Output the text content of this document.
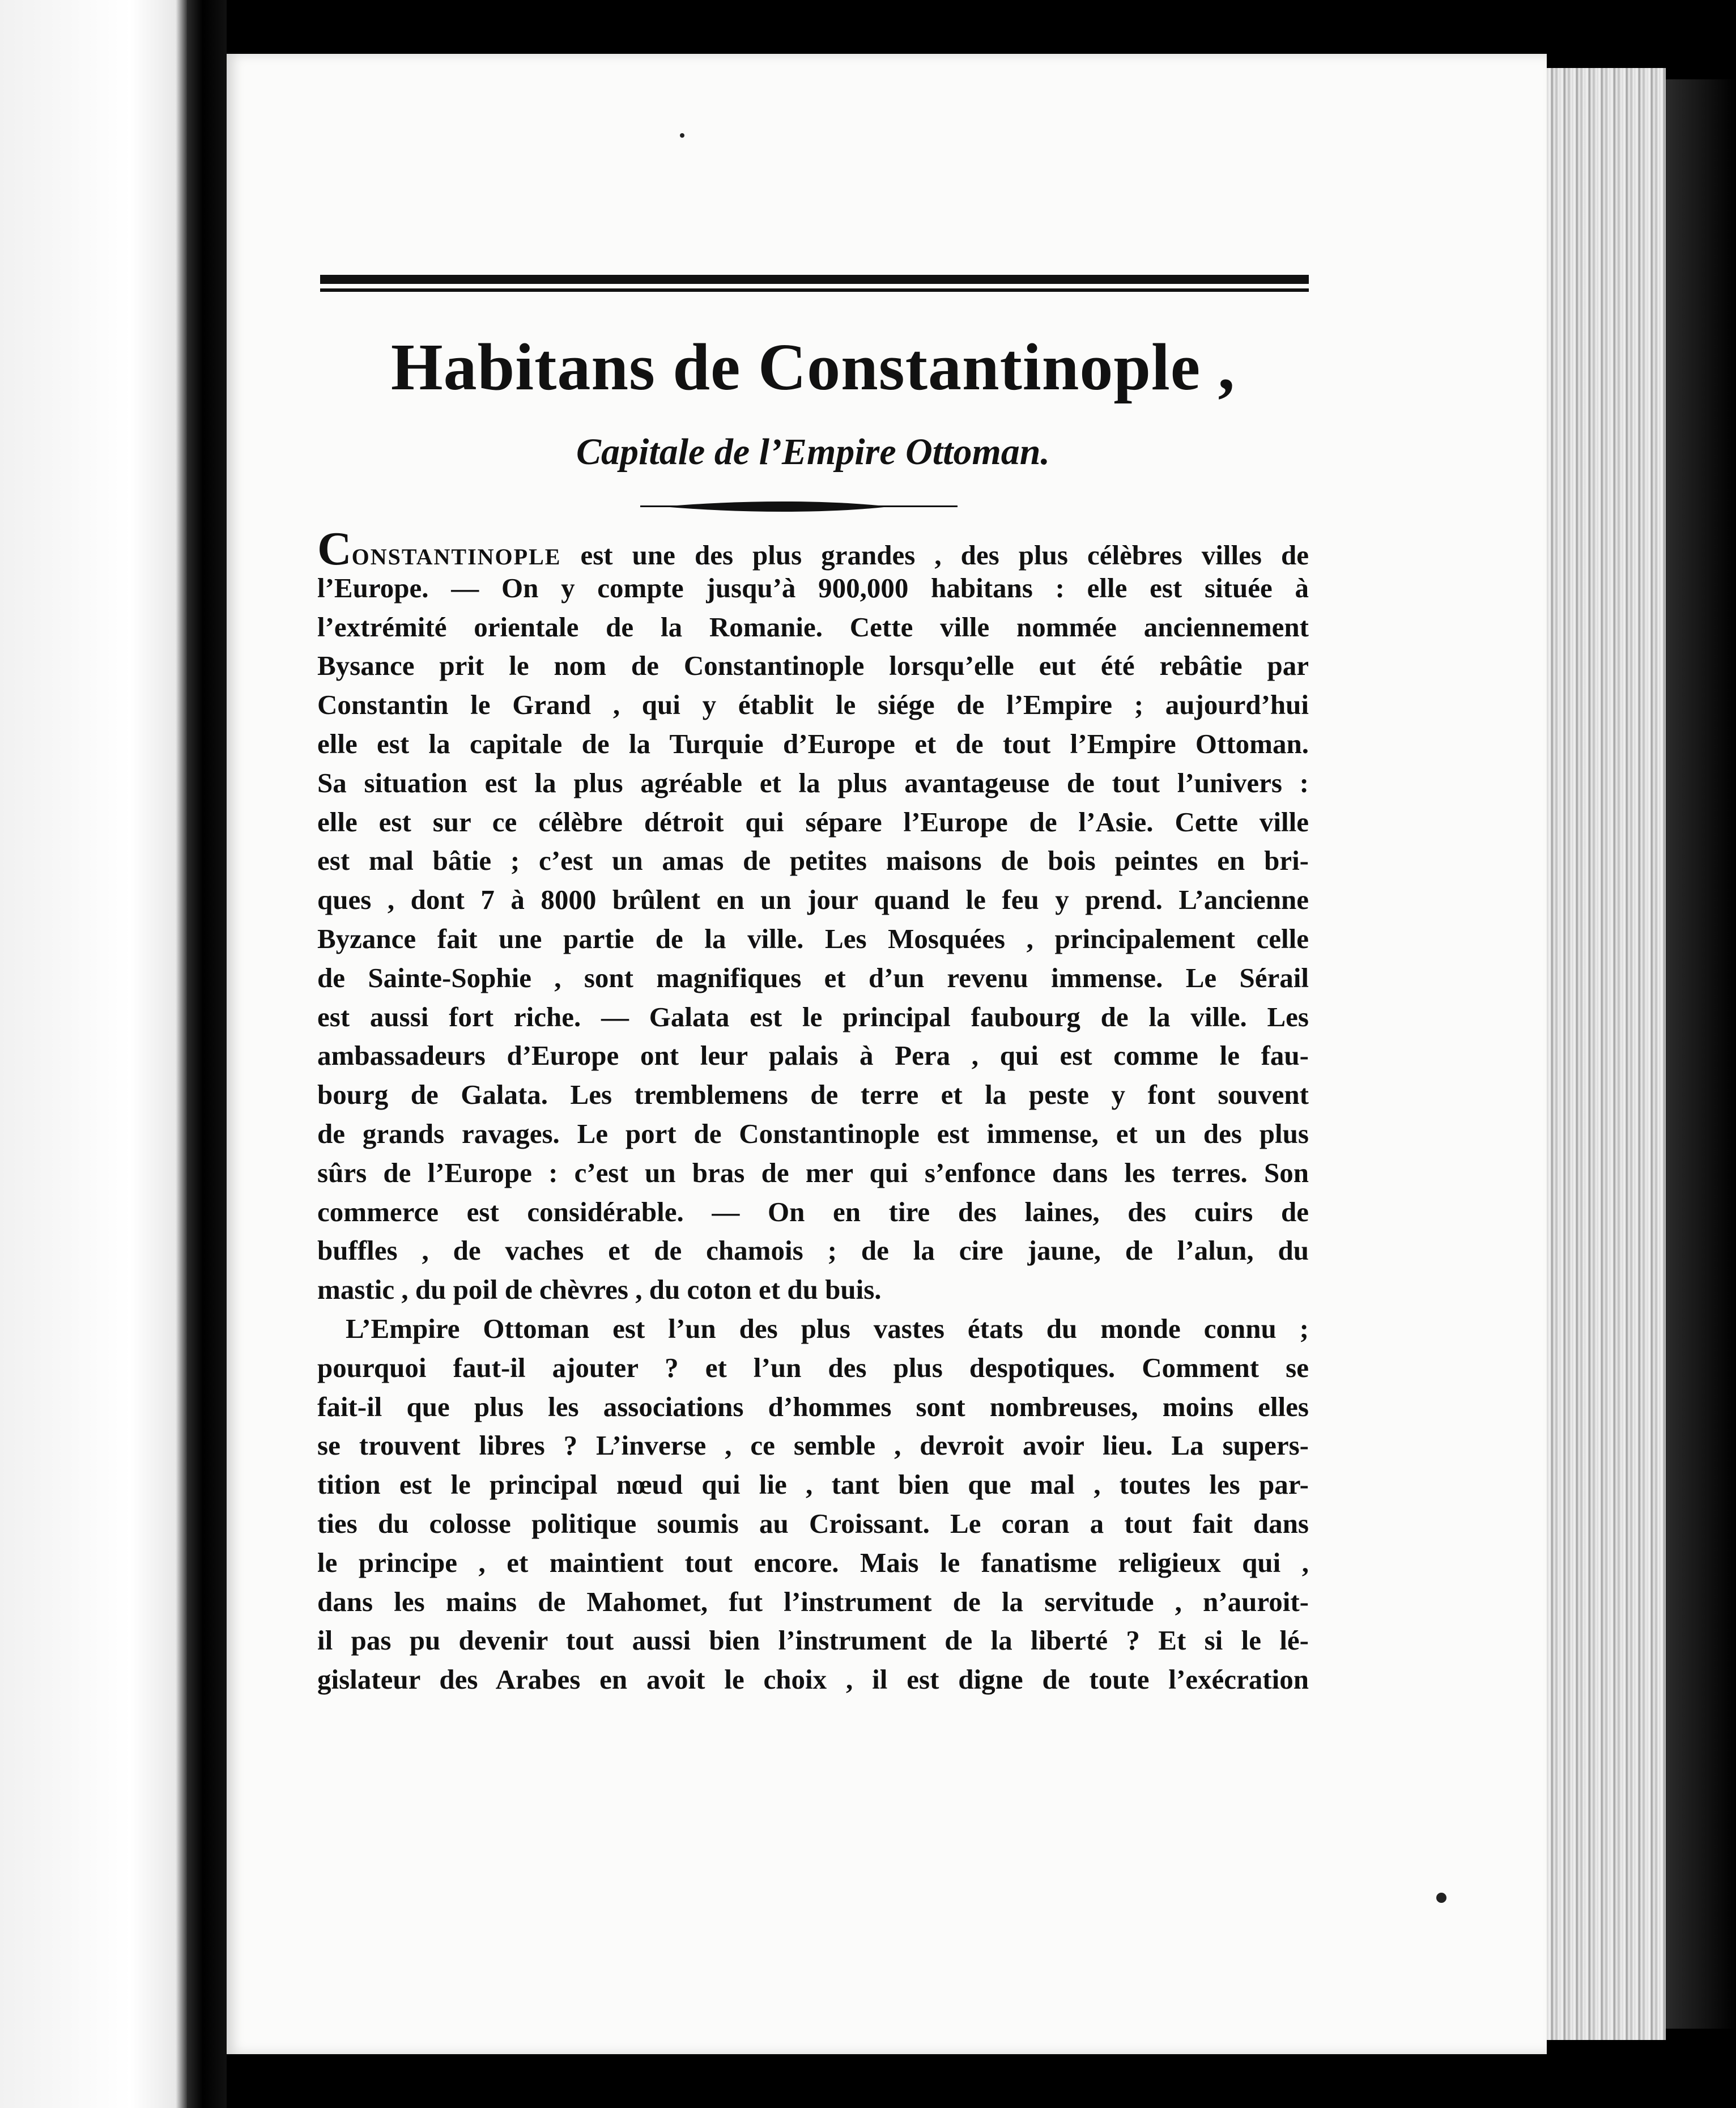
Habitans de Constantinople ,
Capitale de l’Empire Ottoman.
CONSTANTINOPLE est une des plus grandes , des plus célèbres villes de
l’Europe. — On y compte jusqu’à 900,000 habitans : elle est située à
l’extrémité orientale de la Romanie. Cette ville nommée anciennement
Bysance prit le nom de Constantinople lorsqu’elle eut été rebâtie par
Constantin le Grand , qui y établit le siége de l’Empire ; aujourd’hui
elle est la capitale de la Turquie d’Europe et de tout l’Empire Ottoman.
Sa situation est la plus agréable et la plus avantageuse de tout l’univers :
elle est sur ce célèbre détroit qui sépare l’Europe de l’Asie. Cette ville
est mal bâtie ; c’est un amas de petites maisons de bois peintes en bri-
ques , dont 7 à 8000 brûlent en un jour quand le feu y prend. L’ancienne
Byzance fait une partie de la ville. Les Mosquées , principalement celle
de Sainte-Sophie , sont magnifiques et d’un revenu immense. Le Sérail
est aussi fort riche. — Galata est le principal faubourg de la ville. Les
ambassadeurs d’Europe ont leur palais à Pera , qui est comme le fau-
bourg de Galata. Les tremblemens de terre et la peste y font souvent
de grands ravages. Le port de Constantinople est immense, et un des plus
sûrs de l’Europe : c’est un bras de mer qui s’enfonce dans les terres. Son
commerce est considérable. — On en tire des laines, des cuirs de
buffles , de vaches et de chamois ; de la cire jaune, de l’alun, du
mastic , du poil de chèvres , du coton et du buis.
L’Empire Ottoman est l’un des plus vastes états du monde connu ;
pourquoi faut-il ajouter ? et l’un des plus despotiques. Comment se
fait-il que plus les associations d’hommes sont nombreuses, moins elles
se trouvent libres ? L’inverse , ce semble , devroit avoir lieu. La supers-
tition est le principal nœud qui lie , tant bien que mal , toutes les par-
ties du colosse politique soumis au Croissant. Le coran a tout fait dans
le principe , et maintient tout encore. Mais le fanatisme religieux qui ,
dans les mains de Mahomet, fut l’instrument de la servitude , n’auroit-
il pas pu devenir tout aussi bien l’instrument de la liberté ? Et si le lé-
gislateur des Arabes en avoit le choix , il est digne de toute l’exécration
